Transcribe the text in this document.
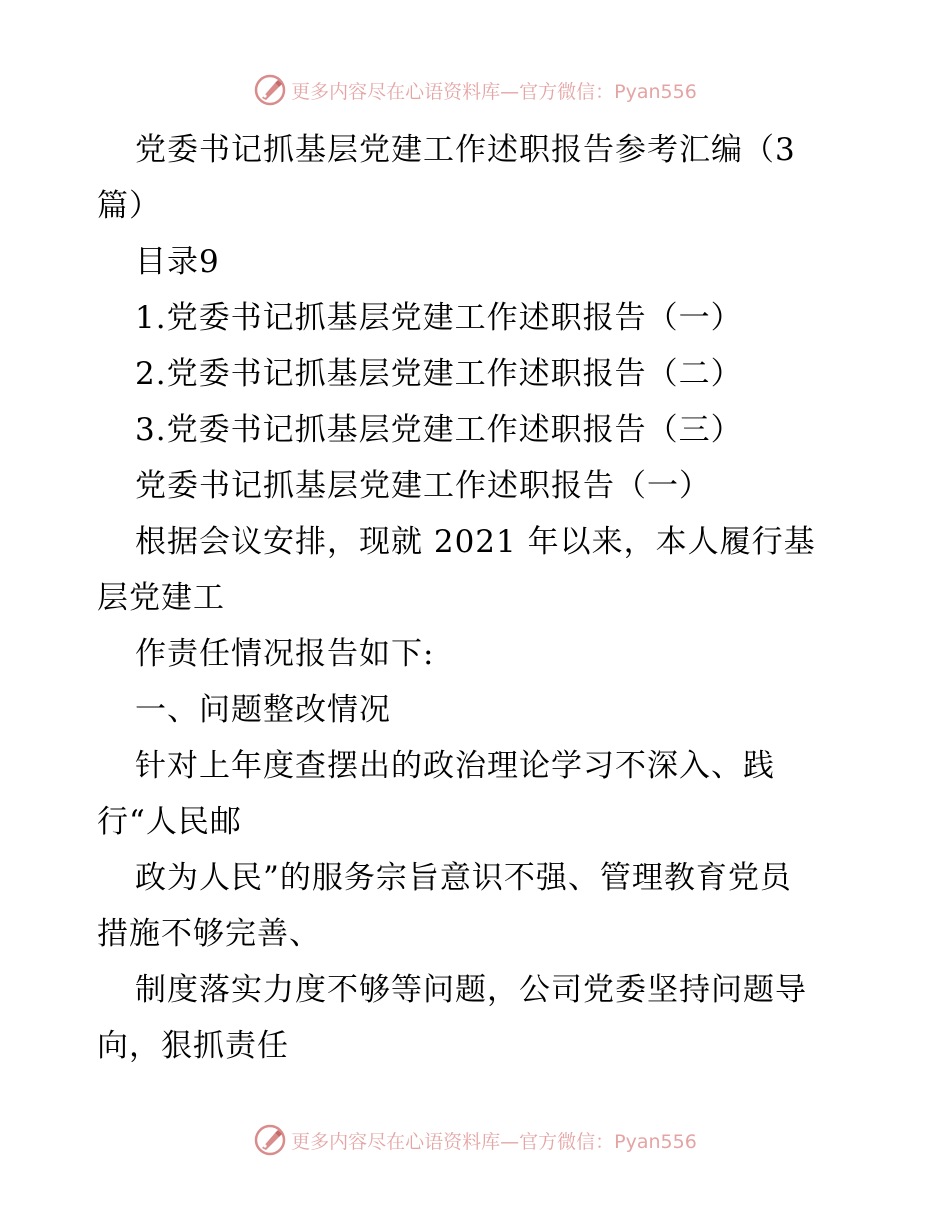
更多内容尽在心语资料库—官方微信：Pyan556
党委书记抓基层党建工作述职报告参考汇编（3
篇）
目录9
1.党委书记抓基层党建工作述职报告（一）
2.党委书记抓基层党建工作述职报告（二）
3.党委书记抓基层党建工作述职报告（三）
党委书记抓基层党建工作述职报告（一）
根据会议安排，现就 2021 年以来，本人履行基
层党建工
作责任情况报告如下:
一、问题整改情况
针对上年度查摆出的政治理论学习不深入、践
行“人民邮
政为人民”的服务宗旨意识不强、管理教育党员
措施不够完善、
制度落实力度不够等问题，公司党委坚持问题导
向，狠抓责任
更多内容尽在心语资料库—官方微信：Pyan556
